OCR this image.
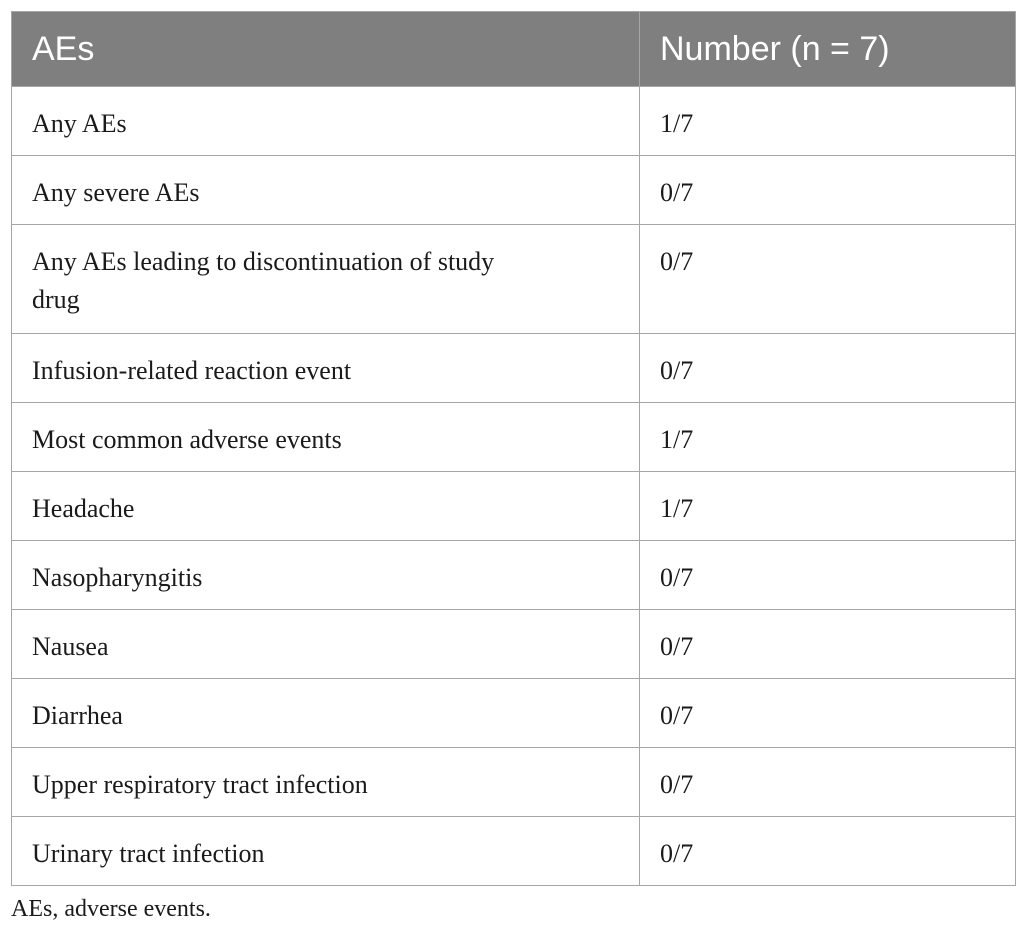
AEs	Number (n = 7)
Any AEs	1/7
Any severe AEs	0/7
Any AEs leading to discontinuation of study drug	0/7
Infusion-related reaction event	0/7
Most common adverse events	1/7
Headache	1/7
Nasopharyngitis	0/7
Nausea	0/7
Diarrhea	0/7
Upper respiratory tract infection	0/7
Urinary tract infection	0/7
AEs, adverse events.
